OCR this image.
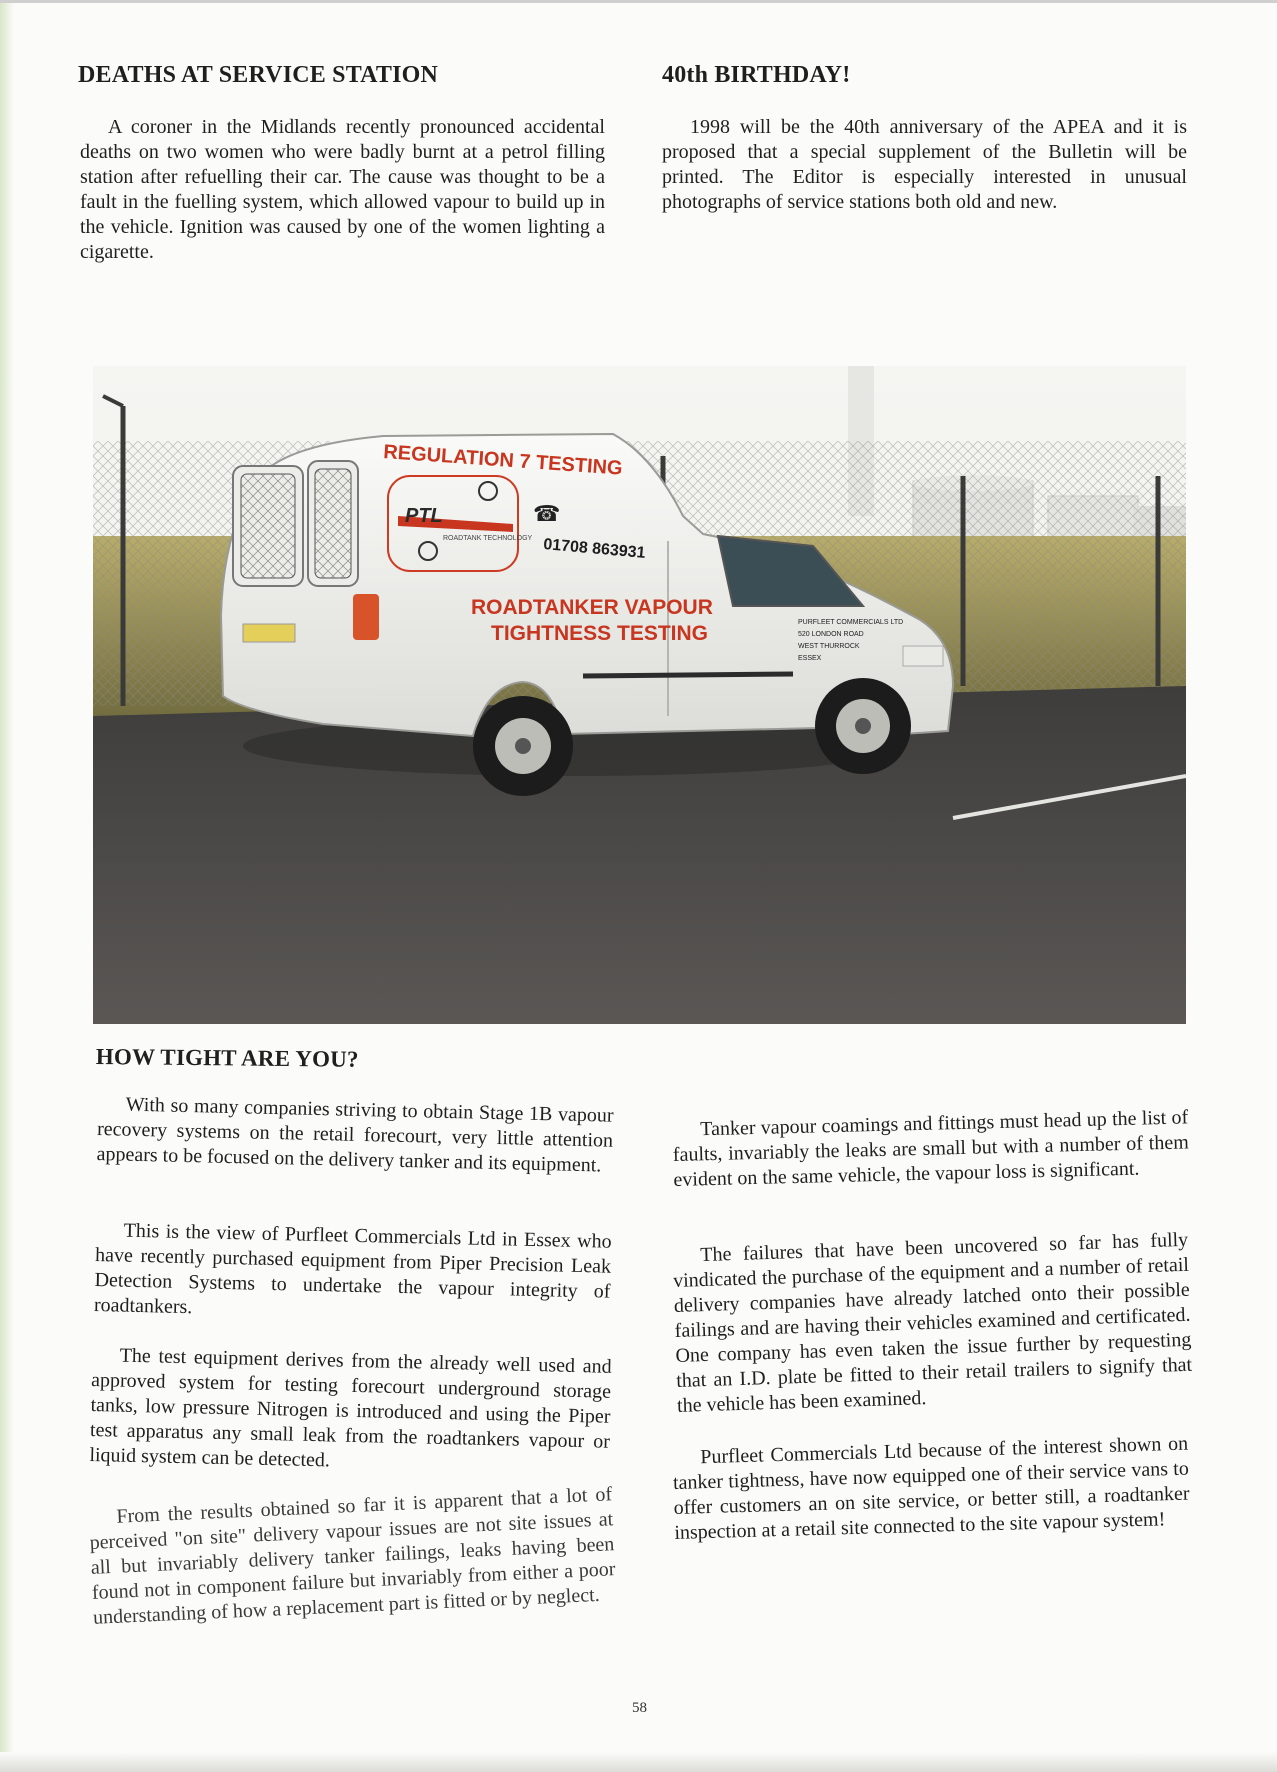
DEATHS AT SERVICE STATION

A coroner in the Midlands recently pronounced accidental deaths on two women who were badly burnt at a petrol filling station after refuelling their car. The cause was thought to be a fault in the fuelling system, which allowed vapour to build up in the vehicle. Ignition was caused by one of the women lighting a cigarette.

40th BIRTHDAY!

1998 will be the 40th anniversary of the APEA and it is proposed that a special supplement of the Bulletin will be printed. The Editor is especially interested in unusual photographs of service stations both old and new.

☎
REGULATION 7 TESTING
PTL
ROADTANK TECHNOLOGY 01708 863931
ROADTANKER VAPOUR
TIGHTNESS TESTING	PURFLEET COMMERCIALS LTD
520 LONDON ROAD
WEST THURROCK
ESSEX
HOW TIGHT ARE YOU?

With so many companies striving to obtain Stage 1B vapour recovery systems on the retail forecourt, very little attention appears to be focused on the delivery tanker and its equipment.

This is the view of Purfleet Commercials Ltd in Essex who have recently purchased equipment from Piper Precision Leak Detection Systems to undertake the vapour integrity of roadtankers.

The test equipment derives from the already well used and approved system for testing forecourt underground storage tanks, low pressure Nitrogen is introduced and using the Piper test apparatus any small leak from the roadtankers vapour or liquid system can be detected.

From the results obtained so far it is apparent that a lot of perceived "on site" delivery vapour issues are not site issues at all but invariably delivery tanker failings, leaks having been found not in component failure but invariably from either a poor understanding of how a replacement part is fitted or by neglect.

Tanker vapour coamings and fittings must head up the list of faults, invariably the leaks are small but with a number of them evident on the same vehicle, the vapour loss is significant.

The failures that have been uncovered so far has fully vindicated the purchase of the equipment and a number of retail delivery companies have already latched onto their possible failings and are having their vehicles examined and certificated. One company has even taken the issue further by requesting that an I.D. plate be fitted to their retail trailers to signify that the vehicle has been examined.

Purfleet Commercials Ltd because of the interest shown on tanker tightness, have now equipped one of their service vans to offer customers an on site service, or better still, a roadtanker inspection at a retail site connected to the site vapour system!

58
